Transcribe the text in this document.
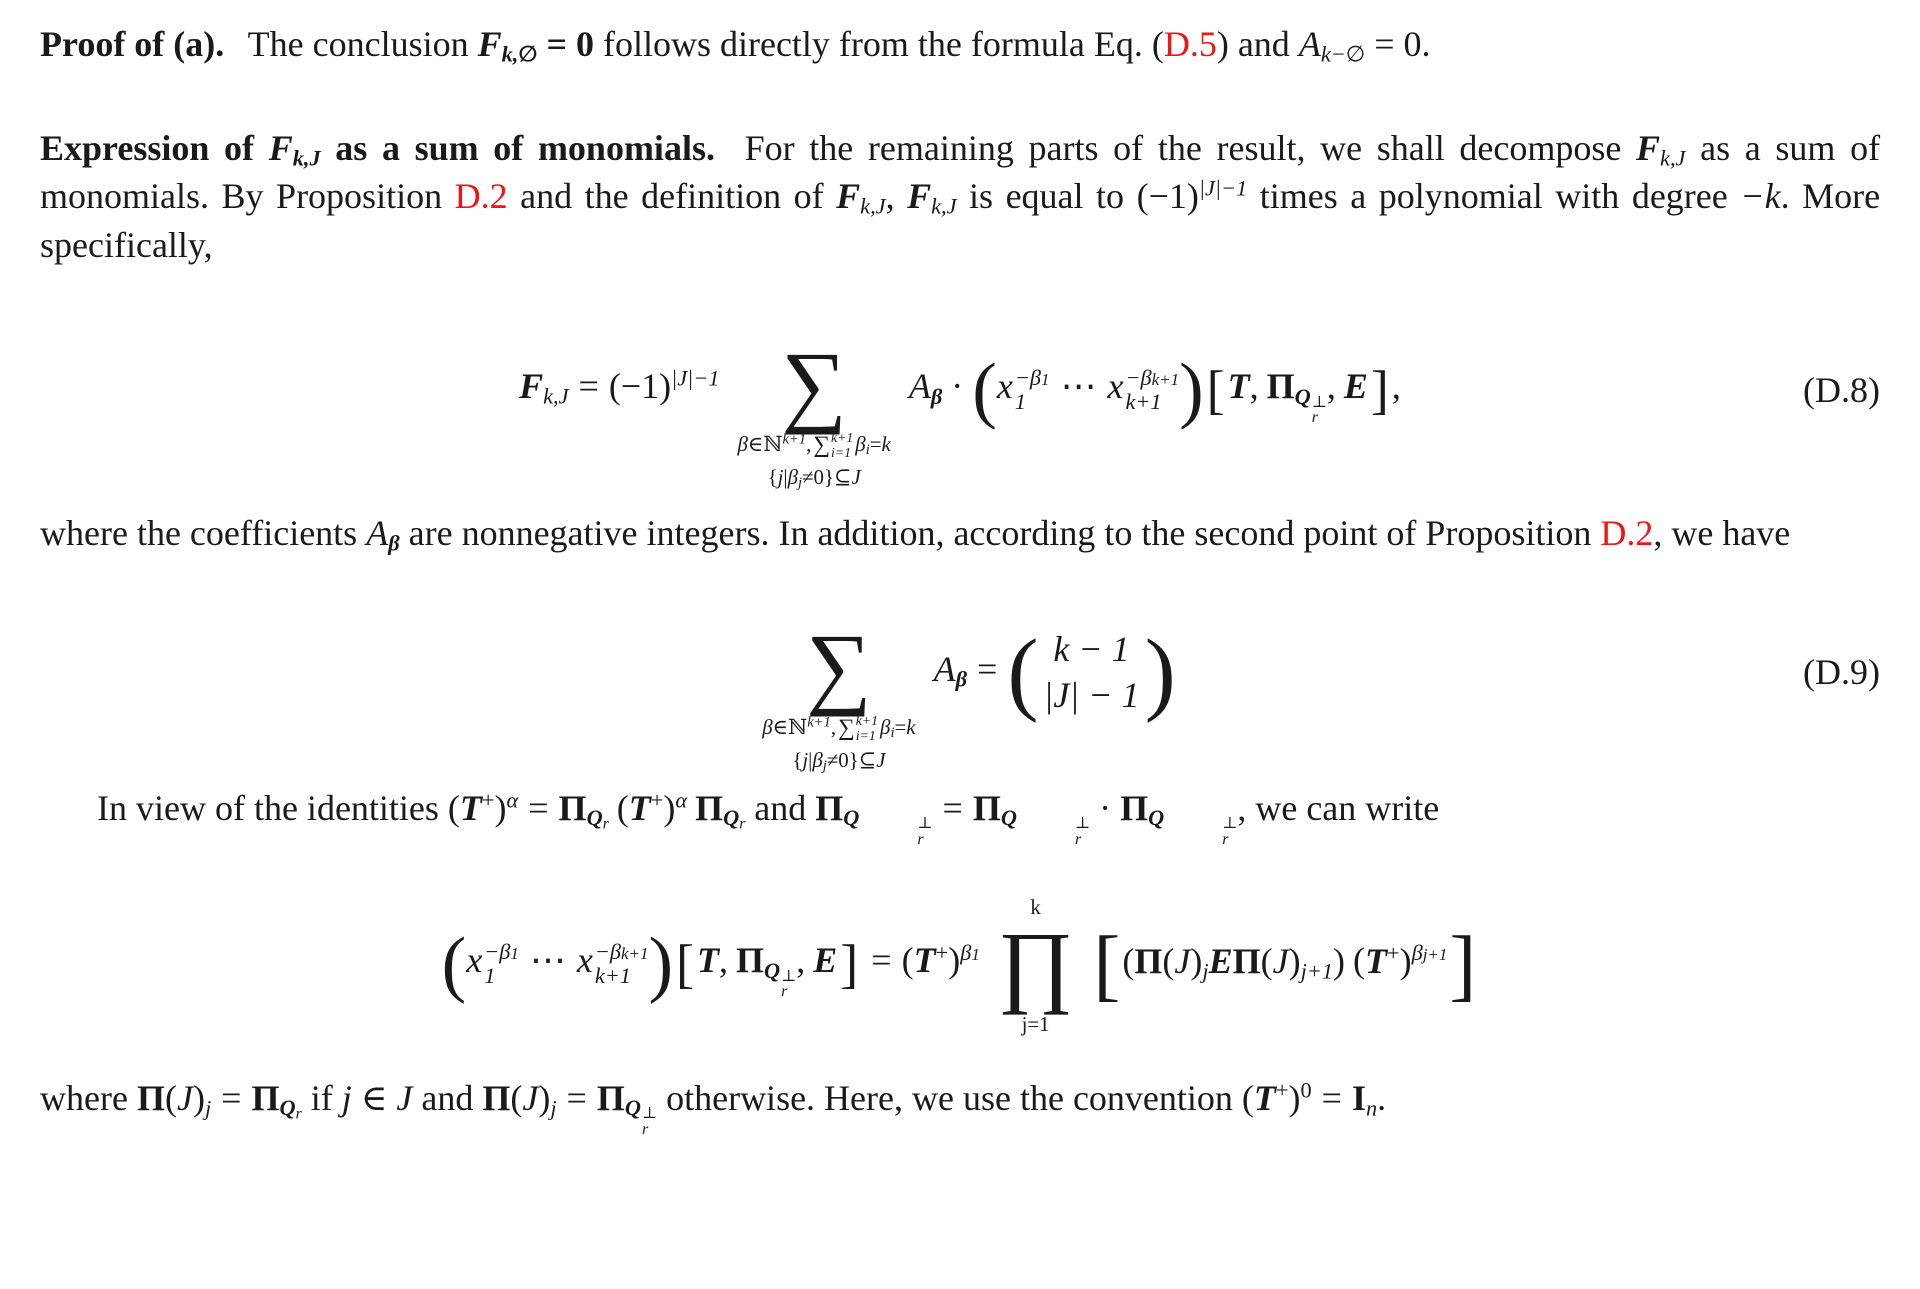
Proof of (a). The conclusion Fk,∅ = 0 follows directly from the formula Eq. (D.5) and Ak−∅ = 0.

Expression of Fk,J as a sum of monomials. For the remaining parts of the result, we shall decompose Fk,J as a sum of monomials. By Proposition D.2 and the definition of Fk,J, Fk,J is equal to $(-1)^{|J|-1}$ times a polynomial with degree −k. More specifically,

$Fk,J = (-1)^{|J|-1}$ ∑
β∈ℕ$^{k+1}$, ∑ k+1
i=1 βi=k
{j|βj≠0}⊆J
Aβ · (x −β1
1 ⋯ x −βk+1
k+1 )[T, ΠQ ⊥
r
, E],	(D.8)

where the coefficients Aβ are nonnegative integers. In addition, according to the second point of Proposition D.2, we have

∑
β∈ℕ$^{k+1}$, ∑ k+1
i=1 βi=k
{j|βj≠0}⊆J
Aβ = ( k − 1
|J| − 1 )	(D.9)

In view of the identities $(T^+)^\alpha = \Pi Qr$ $(T^+)^\alpha$ ΠQr and ΠQ	⊥
r
= ΠQ	⊥
r
· ΠQ	⊥
r
, we can write

(x −β1
1 ⋯ x −βk+1
k+1 )[T, ΠQ ⊥
r
, $E] = (T^+)^{\beta 1}$
k
∏
j=1
[(Π(J)jEΠ(J)j+1) $(T^+)^{\beta j+1}$]

where Π(J)j = ΠQr if j ∈ J and Π(J)j = ΠQ ⊥
r
otherwise. Here, we use the convention $(T^+)^0 = In$.
